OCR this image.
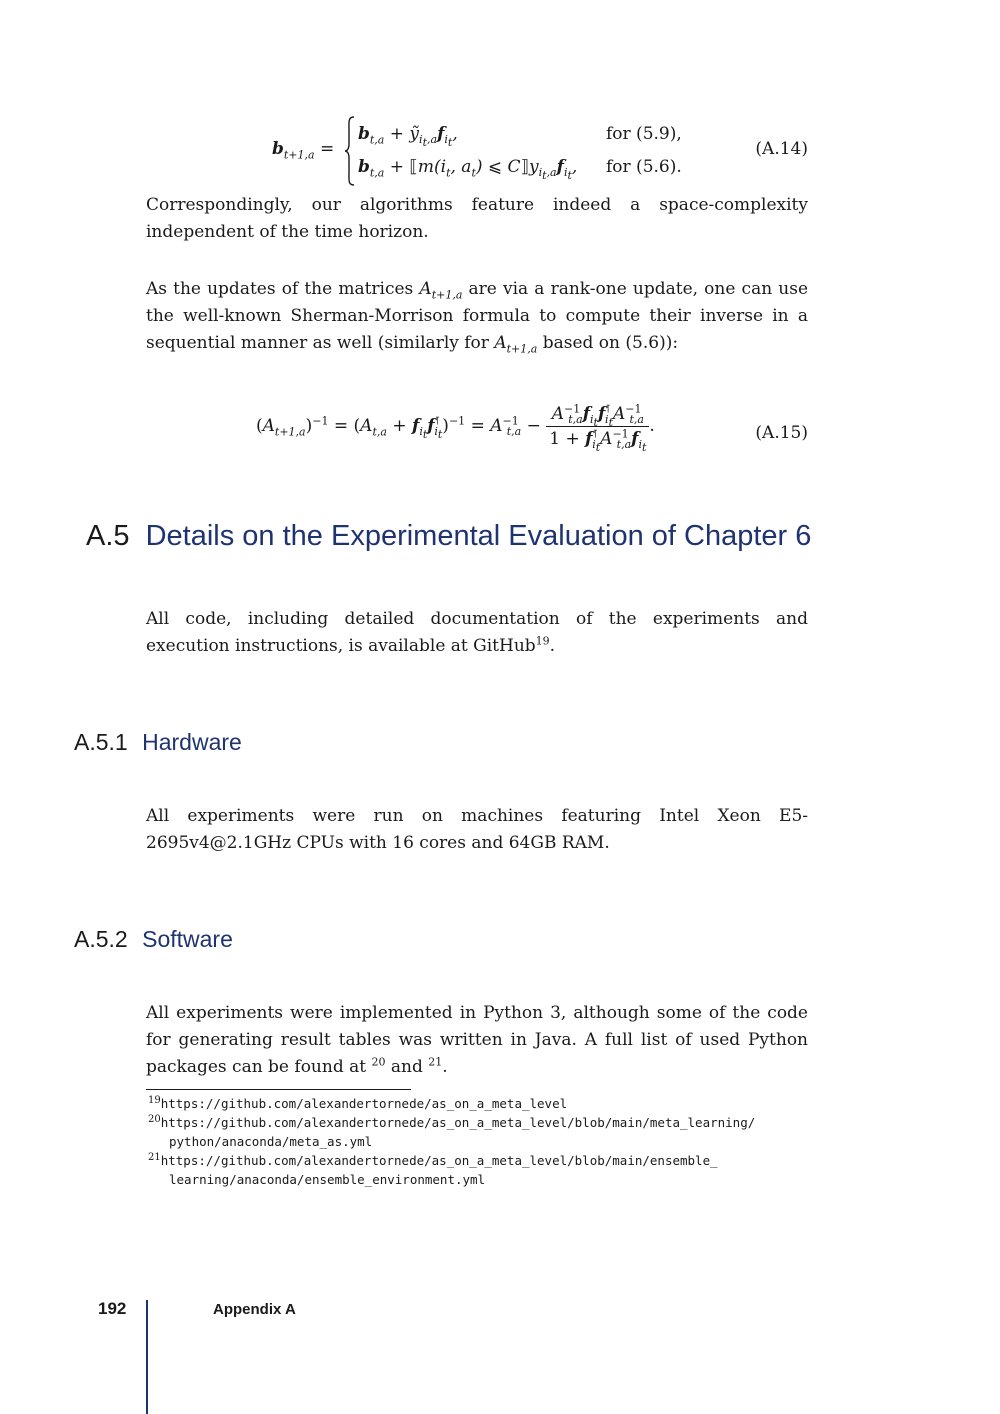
$b_{t+1,a}$ =
$b_{t,a}$ + $ỹ_{i_t,a}f_{i_t}$,
$b_{t,a}$ + $⟦m(i_t$, $a_t$) ⩽ $C⟧y_{i_t,a}f_{i_t}$,
for (5.9),
for (5.6).
(A.14)
Correspondingly, our algorithms feature indeed a space-complexity independent of the time horizon.
As the updates of the matrices $A_{t+1,a}$ are via a rank-one update, one can use the well-known Sherman-Morrison formula to compute their inverse in a sequential manner as well (similarly for $A_{t+1,a}$ based on (5.6)):
$(A_{t+1,a})^{-1} = (A_{t,a} + f_{i_t}f^⊺_{i_t})^{-1} = A^{-1}_{t,a} - \frac{A^{-1}_{t,a}f_{i_t}f^⊺_{i_t}A^{-1}_{t,a}}{1 + f^⊺_{i_t}A^{-1}_{t,a}f_{i_t}}$ .	(A.15)
A.5 Details on the Experimental Evaluation of Chapter 6
All code, including detailed documentation of the experiments and execution instructions, is available at GitHub$^{19}$.
A.5.1 Hardware
All experiments were run on machines featuring Intel Xeon E5-2695v4@2.1GHz CPUs with 16 cores and 64GB RAM.
A.5.2 Software
All experiments were implemented in Python 3, although some of the code for generating result tables was written in Java. A full list of used Python packages can be found at $^{20}$ and $^{21}$.
$^{19}$https://github.com/alexandertornede/as_on_a_meta_level
$^{20}$https://github.com/alexandertornede/as_on_a_meta_level/blob/main/meta_learning/
python/anaconda/meta_as.yml
$^{21}$https://github.com/alexandertornede/as_on_a_meta_level/blob/main/ensemble_
learning/anaconda/ensemble_environment.yml
192	Appendix A
